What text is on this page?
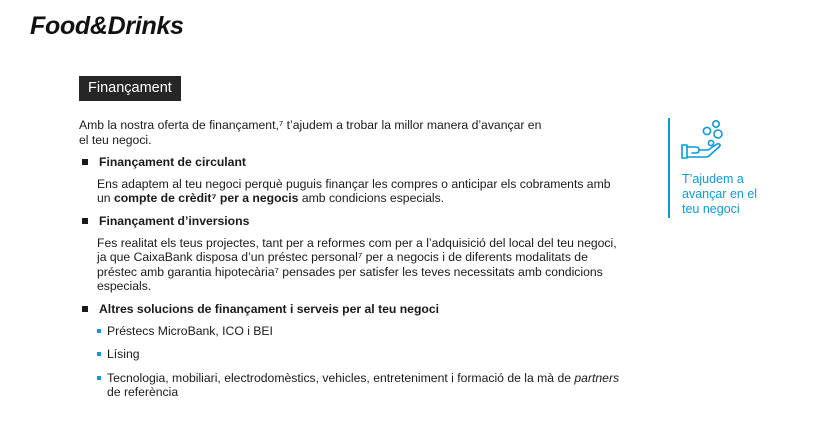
Food&Drinks
Finançament

Amb la nostra oferta de finançament,⁷ t’ajudem a trobar la millor manera d’avançar en el teu negoci.

Finançament de circulant

Ens adaptem al teu negoci perquè puguis finançar les compres o anticipar els cobraments amb un compte de crèdit⁷ per a negocis amb condicions especials.

Finançament d’inversions

Fes realitat els teus projectes, tant per a reformes com per a l’adquisició del local del teu negoci, ja que CaixaBank disposa d’un préstec personal⁷ per a negocis i de diferents modalitats de préstec amb garantia hipotecària⁷ pensades per satisfer les teves necessitats amb condicions especials.

Altres solucions de finançament i serveis per al teu negoci
Préstecs MicroBank, ICO i BEI
Lísing
Tecnologia, mobiliari, electrodomèstics, vehicles, entreteniment i formació de la mà de partners de referència
T’ajudem a avançar en el teu negoci
